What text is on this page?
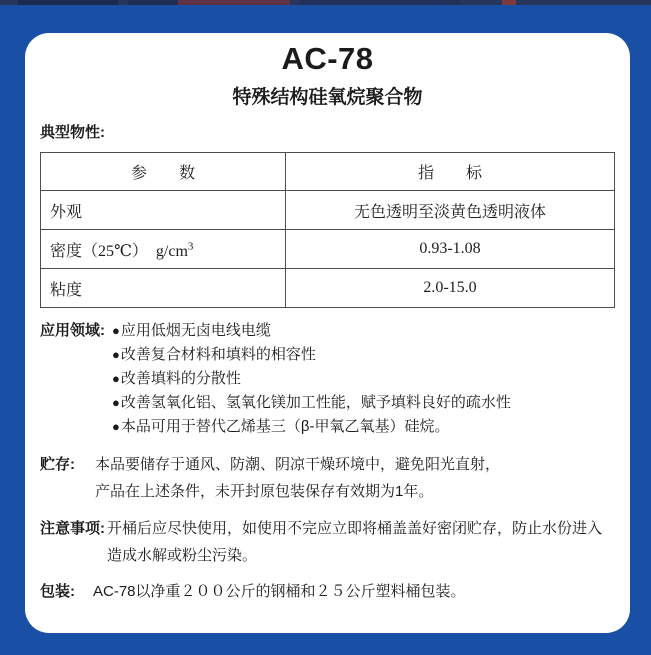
AC-78
特殊结构硅氧烷聚合物
典型物性:
参　　数	指　　标
外观	无色透明至淡黄色透明液体
密度（25℃）　$g/cm^3$	0.93-1.08
粘度	2.0-15.0
应用领域: ●应用低烟无卤电线电缆
●改善复合材料和填料的相容性
●改善填料的分散性
●改善氢氧化铝、氢氧化镁加工性能，赋予填料良好的疏水性
●本品可用于替代乙烯基三（β-甲氧乙氧基）硅烷。
贮存:	本品要储存于通风、防潮、阴凉干燥环境中，避免阳光直射，
产品在上述条件，未开封原包装保存有效期为1年。
注意事项: 开桶后应尽快使用，如使用不完应立即将桶盖盖好密闭贮存，防止水份进入
造成水解或粉尘污染。
包装:	AC-78以净重２００公斤的钢桶和２５公斤塑料桶包装。
